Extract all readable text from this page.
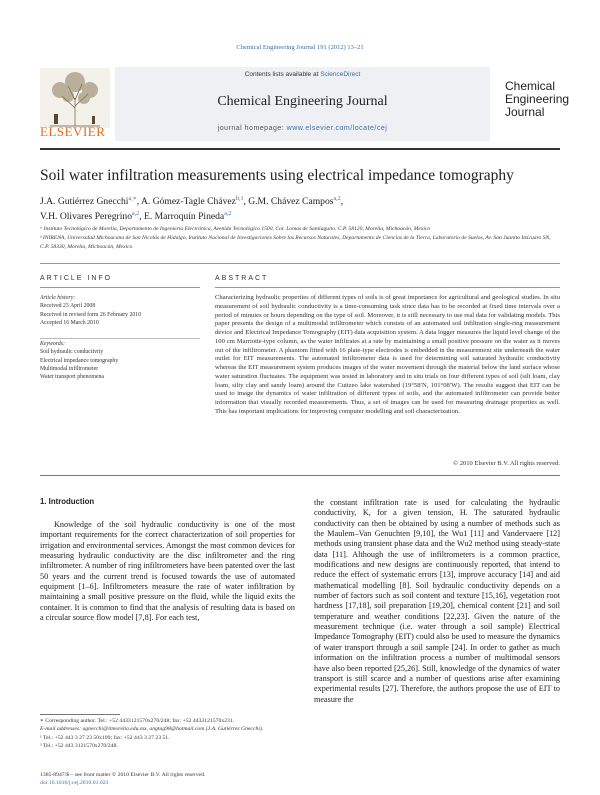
Chemical Engineering Journal 191 (2012) 13–21
Contents lists available at ScienceDirect
Chemical Engineering Journal
journal homepage: www.elsevier.com/locate/cej
ELSEVIER
Chemical Engineering Journal
Soil water infiltration measurements using electrical impedance tomography
J.A. Gutiérrez Gnecchi$^{a,∗}$, A. Gómez-Tagle Chávez$^{b,1}$, G.M. Chávez Campos$^{a,2}$,
V.H. Olivares Peregrino$^{a,2}$, E. Marroquín Pineda$^{a,2}$
ᵃ Instituto Tecnológico de Morelia, Departamento de Ingeniería Electrónica, Avenida Tecnológico 1500, Col. Lomas de Santiaguito. C.P. 58120, Morelia, Michoacán, Mexico
ᵇ INIRENA, Universidad Michoacana de San Nicolás de Hidalgo, Instituto Nacional de Investigaciones Sobre los Recursos Naturales, Departamento de Ciencias de la Tierra, Laboratorio de Suelos, Av. San Juanito Itzícuaro SN, C.P. 58330, Morelia, Michoacán, Mexico
ARTICLE INFO	ABSTRACT
Article history:
Received 23 April 2008
Received in revised form 26 February 2010
Accepted 16 March 2010
Keywords:
Soil hydraulic conductivity
Electrical impedance tomography
Multimodal infiltrometer
Water transport phenomena
Characterizing hydraulic properties of different types of soils is of great importance for agricultural and geological studies. In situ measurement of soil hydraulic conductivity is a time-consuming task since data has to be recorded at fixed time intervals over a period of minutes or hours depending on the type of soil. Moreover, it is still necessary to use real data for validating models. This paper presents the design of a multimodal infiltrometer which consists of an automated soil infiltration single-ring measurement device and Electrical Impedance Tomography (EIT) data acquisition system. A data logger measures the liquid level change of the 100 cm Marriotte-type column, as the water infiltrates at a rate by maintaining a small positive pressure on the water as it moves out of the infiltrometer. A phantom fitted with 16 plate-type electrodes is embedded in the measurement site underneath the water outlet for EIT measurements. The automated infiltrometer data is used for determining soil saturated hydraulic conductivity whereas the EIT measurement system produces images of the water movement through the material below the land surface whose water saturation fluctuates. The equipment was tested in laboratory and in situ trials on four different types of soil (silt loam, clay loam, silty clay and sandy loam) around the Cuitzeo lake watershed (19°58′N, 101°08′W). The results suggest that EIT can be used to image the dynamics of water infiltration of different types of soils, and the automated infiltrometer can provide better information that visually recorded measurements. Thus, a set of images can be used for measuring drainage properties as well. This has important implications for improving computer modelling and soil characterization.
© 2010 Elsevier B.V. All rights reserved.
1. Introduction
Knowledge of the soil hydraulic conductivity is one of the most important requirements for the correct characterization of soil properties for irrigation and environmental services. Amongst the most common devices for measuring hydraulic conductivity are the disc infiltrometer and the ring infiltrometer. A number of ring infiltrometers have been patented over the last 50 years and the current trend is focused towards the use of automated equipment [1–6]. Infiltrometers measure the rate of water infiltration by maintaining a small positive pressure on the fluid, while the liquid exits the container. It is common to find that the analysis of resulting data is based on a circular source flow model [7,8]. For each test,
the constant infiltration rate is used for calculating the hydraulic conductivity, K, for a given tension, H. The saturated hydraulic conductivity can then be obtained by using a number of methods such as the Maulem–Van Genuchten [9,10], the Wu1 [11] and Vandervaere [12] methods using transient phase data and the Wu2 method using steady-state data [11]. Although the use of infiltrometers is a common practice, modifications and new designs are continuously reported, that intend to reduce the effect of systematic errors [13], improve accuracy [14] and aid mathematical modelling [8]. Soil hydraulic conductivity depends on a number of factors such as soil content and texture [15,16], vegetation root hardness [17,18], soil preparation [19,20], chemical content [21] and soil temperature and weather conditions [22,23]. Given the nature of the measurement technique (i.e. water through a soil sample) Electrical Impedance Tomography (EIT) could also be used to measure the dynamics of water transport through a soil sample [24]. In order to gather as much information on the infiltration process a number of multimodal sensors have also been reported [25,26]. Still, knowledge of the dynamics of water transport is still scarce and a number of questions arise after examining experimental results [27]. Therefore, the authors propose the use of EIT to measure the
∗ Corresponding author. Tel.: +52 4433121570x270/248; fax: +52 4433121570x231.
E-mail addresses: agnecchi@itmorelia.edu.mx, angtag98@hotmail.com (J.A. Gutiérrez Gnecchi).
¹ Tel.: +52 443 3 27 23 50x109; fax: +52 443 3 27 23 51.
² Tel.: +52 443 3121570x270/248.
1385-8947/$ – see front matter © 2010 Elsevier B.V. All rights reserved.
doi:10.1016/j.cej.2010.01.023
